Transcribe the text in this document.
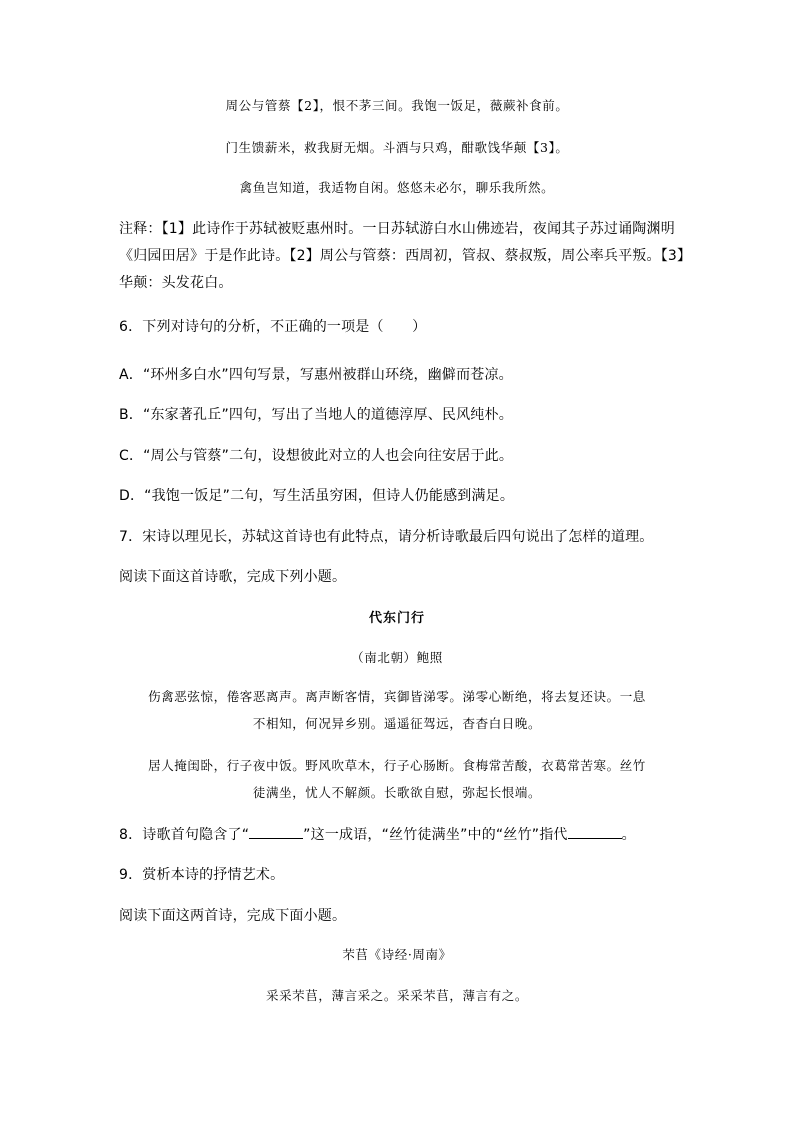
周公与管蔡【2】，恨不茅三间。我饱一饭足，薇蕨补食前。
门生馈薪米，救我厨无烟。斗酒与只鸡，酣歌饯华颠【3】。
禽鱼岂知道，我适物自闲。悠悠未必尔，聊乐我所然。
注释：【1】此诗作于苏轼被贬惠州时。一日苏轼游白水山佛迹岩，夜闻其子苏过诵陶渊明
《归园田居》于是作此诗。【2】周公与管蔡：西周初，管叔、蔡叔叛，周公率兵平叛。【3】
华颠：头发花白。
6．下列对诗句的分析，不正确的一项是（　　）
A．“环州多白水”四句写景，写惠州被群山环绕，幽僻而苍凉。
B．“东家著孔丘”四句，写出了当地人的道德淳厚、民风纯朴。
C．“周公与管蔡”二句，设想彼此对立的人也会向往安居于此。
D．“我饱一饭足”二句，写生活虽穷困，但诗人仍能感到满足。
7．宋诗以理见长，苏轼这首诗也有此特点，请分析诗歌最后四句说出了怎样的道理。
阅读下面这首诗歌，完成下列小题。
代东门行
（南北朝）鲍照
伤禽恶弦惊，倦客恶离声。离声断客情，宾御皆涕零。涕零心断绝，将去复还诀。一息
不相知，何况异乡别。遥遥征驾远，杳杳白日晚。
居人掩闺卧，行子夜中饭。野风吹草木，行子心肠断。食梅常苦酸，衣葛常苦寒。丝竹
徒满坐，忧人不解颜。长歌欲自慰，弥起长恨端。
8．诗歌首句隐含了“	”这一成语，“丝竹徒满坐”中的“丝竹”指代	。
9．赏析本诗的抒情艺术。
阅读下面这两首诗，完成下面小题。
芣苢《诗经·周南》
采采芣苢，薄言采之。采采芣苢，薄言有之。
